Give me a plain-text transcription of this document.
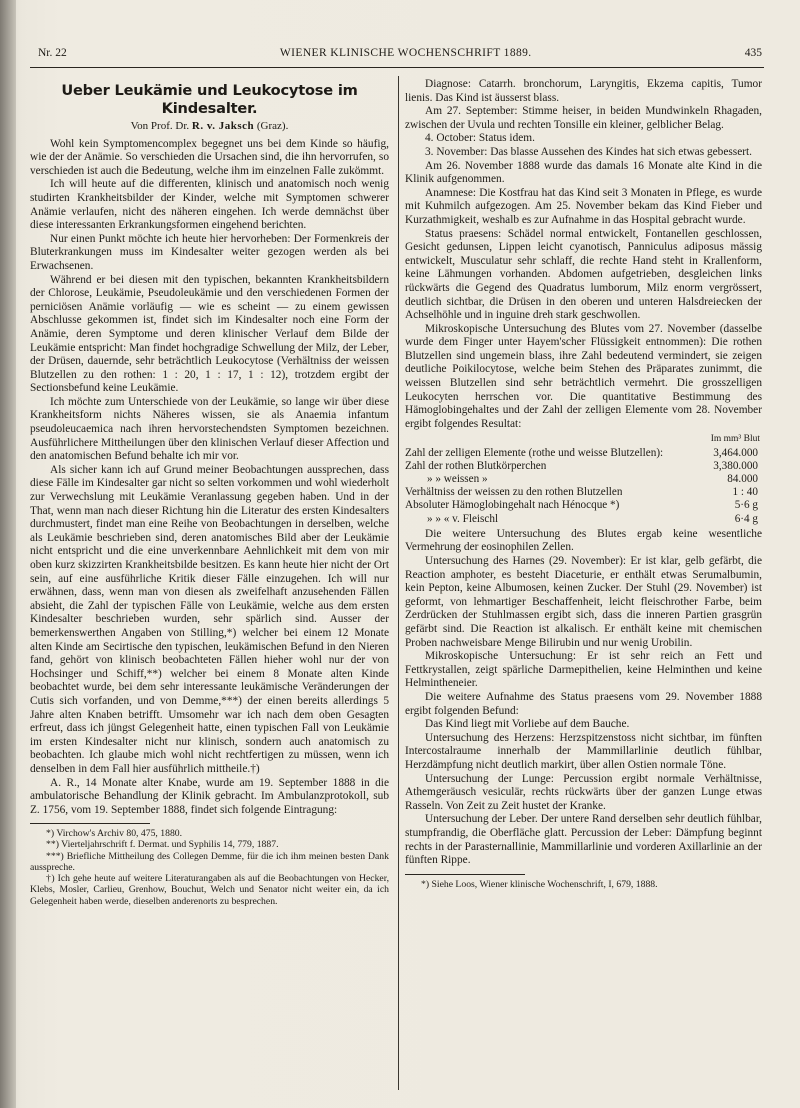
Nr. 22	WIENER KLINISCHE WOCHENSCHRIFT 1889.	435
Ueber Leukämie und Leukocytose im Kindesalter.
Von Prof. Dr. R. v. Jaksch (Graz).

Wohl kein Symptomencomplex begegnet uns bei dem Kinde so häufig, wie der der Anämie. So verschieden die Ursachen sind, die ihn hervorrufen, so verschieden ist auch die Bedeutung, welche ihm im einzelnen Falle zukömmt.

Ich will heute auf die differenten, klinisch und anatomisch noch wenig studirten Krankheitsbilder der Kinder, welche mit Symptomen schwerer Anämie verlaufen, nicht des näheren eingehen. Ich werde demnächst über diese interessanten Erkrankungsformen eingehend berichten.

Nur einen Punkt möchte ich heute hier hervorheben: Der Formenkreis der Bluterkrankungen muss im Kindesalter weiter gezogen werden als bei Erwachsenen.

Während er bei diesen mit den typischen, bekannten Krankheitsbildern der Chlorose, Leukämie, Pseudoleukämie und den verschiedenen Formen der perniciösen Anämie vorläufig — wie es scheint — zu einem gewissen Abschlusse gekommen ist, findet sich im Kindesalter noch eine Form der Anämie, deren Symptome und deren klinischer Verlauf dem Bilde der Leukämie entspricht: Man findet hochgradige Schwellung der Milz, der Leber, der Drüsen, dauernde, sehr beträchtlich Leukocytose (Verhältniss der weissen Blutzellen zu den rothen: 1 : 20, 1 : 17, 1 : 12), trotzdem ergibt der Sectionsbefund keine Leukämie.

Ich möchte zum Unterschiede von der Leukämie, so lange wir über diese Krankheitsform nichts Näheres wissen, sie als Anaemia infantum pseudoleucaemica nach ihren hervorstechendsten Symptomen bezeichnen. Ausführlichere Mittheilungen über den klinischen Verlauf dieser Affection und den anatomischen Befund behalte ich mir vor.

Als sicher kann ich auf Grund meiner Beobachtungen aussprechen, dass diese Fälle im Kindesalter gar nicht so selten vorkommen und wohl wiederholt zur Verwechslung mit Leukämie Veranlassung gegeben haben. Und in der That, wenn man nach dieser Richtung hin die Literatur des ersten Kindesalters durchmustert, findet man eine Reihe von Beobachtungen in derselben, welche als Leukämie beschrieben sind, deren anatomisches Bild aber der Leukämie nicht entspricht und die eine unverkennbare Aehnlichkeit mit dem von mir oben kurz skizzirten Krankheitsbilde besitzen. Es kann heute hier nicht der Ort sein, auf eine ausführliche Kritik dieser Fälle einzugehen. Ich will nur erwähnen, dass, wenn man von diesen als zweifelhaft anzusehenden Fällen absieht, die Zahl der typischen Fälle von Leukämie, welche aus dem ersten Kindesalter beschrieben wurden, sehr spärlich sind. Ausser der bemerkenswerthen Angaben von Stilling,*) welcher bei einem 12 Monate alten Kinde am Secirtische den typischen, leukämischen Befund in den Nieren fand, gehört von klinisch beobachteten Fällen hieher wohl nur der von Hochsinger und Schiff,**) welcher bei einem 8 Monate alten Kinde beobachtet wurde, bei dem sehr interessante leukämische Veränderungen der Cutis sich vorfanden, und von Demme,***) der einen bereits allerdings 5 Jahre alten Knaben betrifft. Umsomehr war ich nach dem oben Gesagten erfreut, dass ich jüngst Gelegenheit hatte, einen typischen Fall von Leukämie im ersten Kindesalter nicht nur klinisch, sondern auch anatomisch zu beobachten. Ich glaube mich wohl nicht rechtfertigen zu müssen, wenn ich denselben in dem Fall hier ausführlich mittheile.†)

A. R., 14 Monate alter Knabe, wurde am 19. September 1888 in die ambulatorische Behandlung der Klinik gebracht. Im Ambulanzprotokoll, sub Z. 1756, vom 19. September 1888, findet sich folgende Eintragung:

*) Virchow's Archiv 80, 475, 1880.

**) Vierteljahrschrift f. Dermat. und Syphilis 14, 779, 1887.

***) Briefliche Mittheilung des Collegen Demme, für die ich ihm meinen besten Dank ausspreche.

†) Ich gehe heute auf weitere Literaturangaben als auf die Beobachtungen von Hecker, Klebs, Mosler, Carlieu, Grenhow, Bouchut, Welch und Senator nicht weiter ein, da ich Gelegenheit haben werde, dieselben anderenorts zu besprechen.

Diagnose: Catarrh. bronchorum, Laryngitis, Ekzema capitis, Tumor lienis. Das Kind ist äusserst blass.

Am 27. September: Stimme heiser, in beiden Mundwinkeln Rhagaden, zwischen der Uvula und rechten Tonsille ein kleiner, gelblicher Belag.

4. October: Status idem.

3. November: Das blasse Aussehen des Kindes hat sich etwas gebessert.

Am 26. November 1888 wurde das damals 16 Monate alte Kind in die Klinik aufgenommen.

Anamnese: Die Kostfrau hat das Kind seit 3 Monaten in Pflege, es wurde mit Kuhmilch aufgezogen. Am 25. November bekam das Kind Fieber und Kurzathmigkeit, weshalb es zur Aufnahme in das Hospital gebracht wurde.

Status praesens: Schädel normal entwickelt, Fontanellen geschlossen, Gesicht gedunsen, Lippen leicht cyanotisch, Panniculus adiposus mässig entwickelt, Musculatur sehr schlaff, die rechte Hand steht in Krallenform, keine Lähmungen vorhanden. Abdomen aufgetrieben, desgleichen links rückwärts die Gegend des Quadratus lumborum, Milz enorm vergrössert, deutlich sichtbar, die Drüsen in den oberen und unteren Halsdreiecken der Achselhöhle und in inguine dreh stark geschwollen.

Mikroskopische Untersuchung des Blutes vom 27. November (dasselbe wurde dem Finger unter Hayem'scher Flüssigkeit entnommen): Die rothen Blutzellen sind ungemein blass, ihre Zahl bedeutend vermindert, sie zeigen deutliche Poikilocytose, welche beim Stehen des Präparates zunimmt, die weissen Blutzellen sind sehr beträchtlich vermehrt. Die grosszelligen Leukocyten herrschen vor. Die quantitative Bestimmung des Hämoglobingehaltes und der Zahl der zelligen Elemente vom 28. November ergibt folgendes Resultat:

Im mm³ Blut
Zahl der zelligen Elemente (rothe und weisse Blutzellen):	3,464.000
Zahl der rothen Blutkörperchen	3,380.000
» » weissen »	84.000
Verhältniss der weissen zu den rothen Blutzellen	1 : 40
Absoluter Hämoglobingehalt nach Hénocque *)	5·6 g
» » « v. Fleischl	6·4 g

Die weitere Untersuchung des Blutes ergab keine wesentliche Vermehrung der eosinophilen Zellen.

Untersuchung des Harnes (29. November): Er ist klar, gelb gefärbt, die Reaction amphoter, es besteht Diaceturie, er enthält etwas Serumalbumin, kein Pepton, keine Albumosen, keinen Zucker. Der Stuhl (29. November) ist geformt, von lehmartiger Beschaffenheit, leicht fleischrother Farbe, beim Zerdrücken der Stuhlmassen ergibt sich, dass die inneren Partien grasgrün gefärbt sind. Die Reaction ist alkalisch. Er enthält keine mit chemischen Proben nachweisbare Menge Bilirubin und nur wenig Urobilin.

Mikroskopische Untersuchung: Er ist sehr reich an Fett und Fettkrystallen, zeigt spärliche Darmepithelien, keine Helminthen und keine Helmintheneier.

Die weitere Aufnahme des Status praesens vom 29. November 1888 ergibt folgenden Befund:

Das Kind liegt mit Vorliebe auf dem Bauche.

Untersuchung des Herzens: Herzspitzenstoss nicht sichtbar, im fünften Intercostalraume innerhalb der Mammillarlinie deutlich fühlbar, Herzdämpfung nicht deutlich markirt, über allen Ostien normale Töne.

Untersuchung der Lunge: Percussion ergibt normale Verhältnisse, Athemgeräusch vesiculär, rechts rückwärts über der ganzen Lunge etwas Rasseln. Von Zeit zu Zeit hustet der Kranke.

Untersuchung der Leber. Der untere Rand derselben sehr deutlich fühlbar, stumpfrandig, die Oberfläche glatt. Percussion der Leber: Dämpfung beginnt rechts in der Parasternallinie, Mammillarlinie und vorderen Axillarlinie an der fünften Rippe.

*) Siehe Loos, Wiener klinische Wochenschrift, I, 679, 1888.
